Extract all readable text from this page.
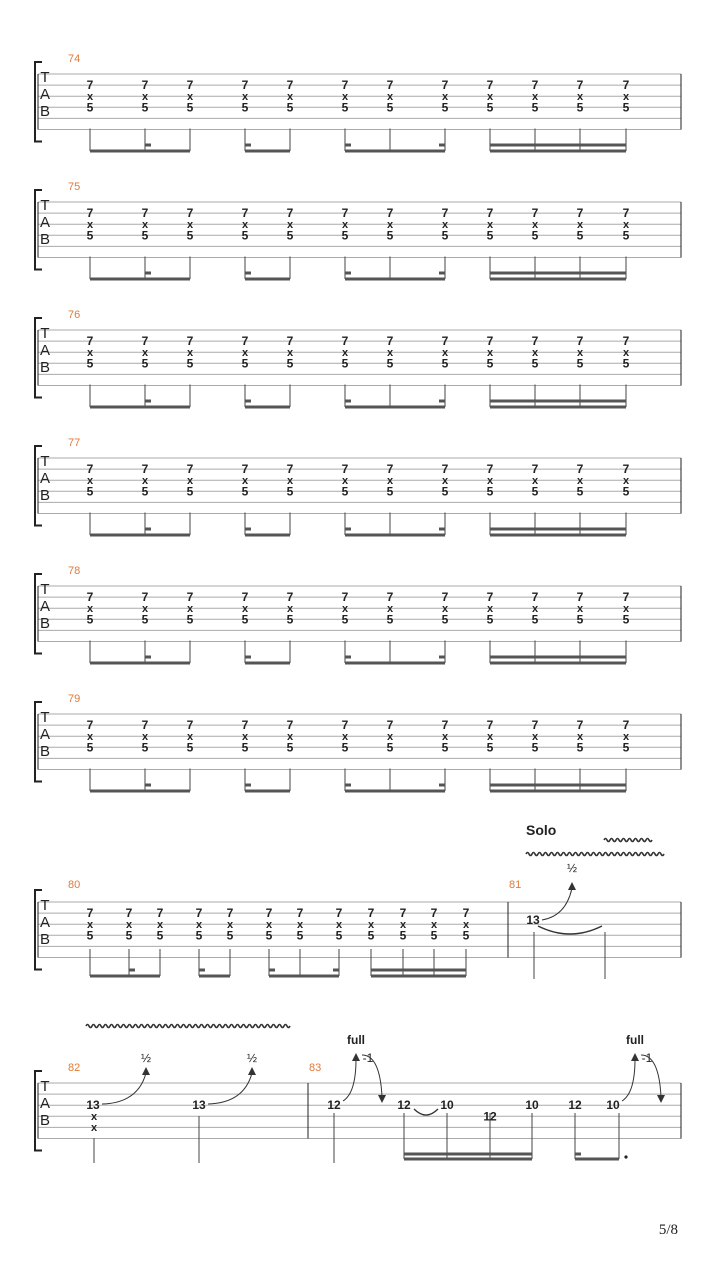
74
T
A
B
7
x
5
7
x
5
7
x
5
7
x
5
7
x
5
7
x
5
7
x
5
7
x
5
7
x
5
7
x
5
7
x
5
7
x
5
75
T
A
B
7
x
5
7
x
5
7
x
5
7
x
5
7
x
5
7
x
5
7
x
5
7
x
5
7
x
5
7
x
5
7
x
5
7
x
5
76
T
A
B
7
x
5
7
x
5
7
x
5
7
x
5
7
x
5
7
x
5
7
x
5
7
x
5
7
x
5
7
x
5
7
x
5
7
x
5
77
T
A
B
7
x
5
7
x
5
7
x
5
7
x
5
7
x
5
7
x
5
7
x
5
7
x
5
7
x
5
7
x
5
7
x
5
7
x
5
78
T
A
B
7
x
5
7
x
5
7
x
5
7
x
5
7
x
5
7
x
5
7
x
5
7
x
5
7
x
5
7
x
5
7
x
5
7
x
5
79
T
A
B
7
x
5
7
x
5
7
x
5
7
x
5
7
x
5
7
x
5
7
x
5
7
x
5
7
x
5
7
x
5
7
x
5
7
x
5
Solo
80	81
T
A
B
7
x
5
7
x
5
7
x
5
7
x
5
7
x
5
7
x
5
7
x
5
7
x
5
7
x
5
7
x
5
7
x
5
7
x
5
13
½
82	83
T
A
B
13
½
13
½
x
x
12	12 10
12
10 12 10
full
-1
full
-1
5/8
